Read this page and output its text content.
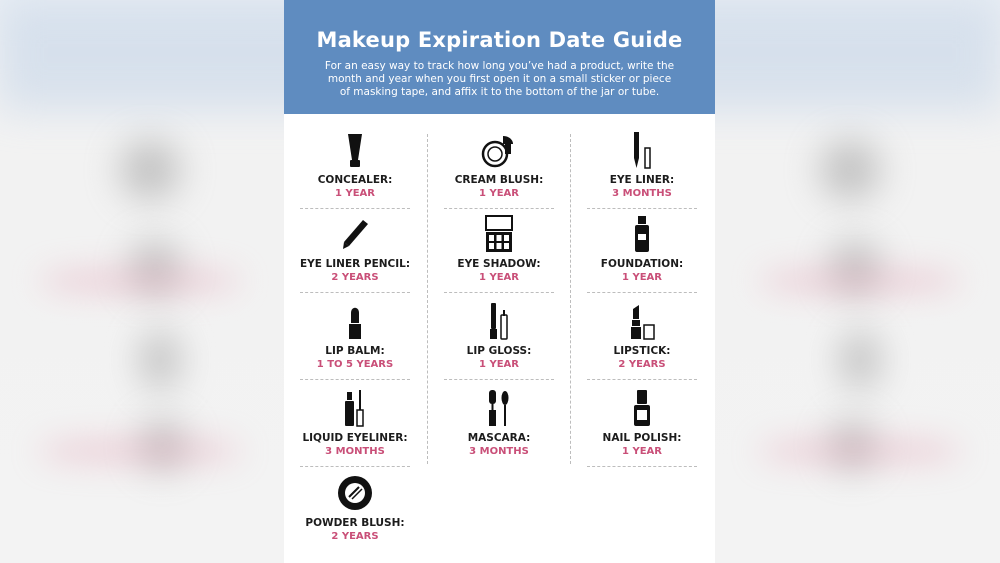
Makeup Expiration Date Guide
For an easy way to track how long you’ve had a product, write the month and year when you first open it on a small sticker or piece of masking tape, and affix it to the bottom of the jar or tube.
CONCEALER:
1 YEAR
CREAM BLUSH:
1 YEAR
EYE LINER:
3 MONTHS
EYE LINER PENCIL:
2 YEARS
EYE SHADOW:
1 YEAR
FOUNDATION:
1 YEAR
LIP BALM:
1 TO 5 YEARS
LIP GLOSS:
1 YEAR
LIPSTICK:
2 YEARS
LIQUID EYELINER:
3 MONTHS
MASCARA:
3 MONTHS
NAIL POLISH:
1 YEAR
POWDER BLUSH:
2 YEARS
